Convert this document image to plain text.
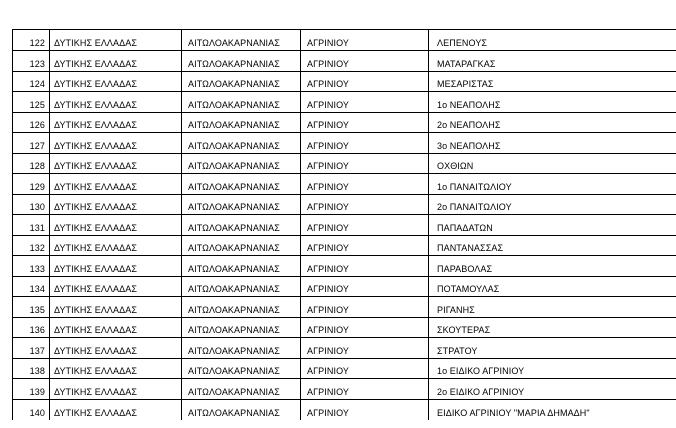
122	ΔΥΤΙΚΗΣ ΕΛΛΑΔΑΣ	ΑΙΤΩΛΟΑΚΑΡΝΑΝΙΑΣ	ΑΓΡΙΝΙΟΥ	ΛΕΠΕΝΟΥΣ
123	ΔΥΤΙΚΗΣ ΕΛΛΑΔΑΣ	ΑΙΤΩΛΟΑΚΑΡΝΑΝΙΑΣ	ΑΓΡΙΝΙΟΥ	ΜΑΤΑΡΑΓΚΑΣ
124	ΔΥΤΙΚΗΣ ΕΛΛΑΔΑΣ	ΑΙΤΩΛΟΑΚΑΡΝΑΝΙΑΣ	ΑΓΡΙΝΙΟΥ	ΜΕΣΑΡΙΣΤΑΣ
125	ΔΥΤΙΚΗΣ ΕΛΛΑΔΑΣ	ΑΙΤΩΛΟΑΚΑΡΝΑΝΙΑΣ	ΑΓΡΙΝΙΟΥ	1ο ΝΕΑΠΟΛΗΣ
126	ΔΥΤΙΚΗΣ ΕΛΛΑΔΑΣ	ΑΙΤΩΛΟΑΚΑΡΝΑΝΙΑΣ	ΑΓΡΙΝΙΟΥ	2ο ΝΕΑΠΟΛΗΣ
127	ΔΥΤΙΚΗΣ ΕΛΛΑΔΑΣ	ΑΙΤΩΛΟΑΚΑΡΝΑΝΙΑΣ	ΑΓΡΙΝΙΟΥ	3ο ΝΕΑΠΟΛΗΣ
128	ΔΥΤΙΚΗΣ ΕΛΛΑΔΑΣ	ΑΙΤΩΛΟΑΚΑΡΝΑΝΙΑΣ	ΑΓΡΙΝΙΟΥ	ΟΧΘΙΩΝ
129	ΔΥΤΙΚΗΣ ΕΛΛΑΔΑΣ	ΑΙΤΩΛΟΑΚΑΡΝΑΝΙΑΣ	ΑΓΡΙΝΙΟΥ	1ο ΠΑΝΑΙΤΩΛΙΟΥ
130	ΔΥΤΙΚΗΣ ΕΛΛΑΔΑΣ	ΑΙΤΩΛΟΑΚΑΡΝΑΝΙΑΣ	ΑΓΡΙΝΙΟΥ	2ο ΠΑΝΑΙΤΩΛΙΟΥ
131	ΔΥΤΙΚΗΣ ΕΛΛΑΔΑΣ	ΑΙΤΩΛΟΑΚΑΡΝΑΝΙΑΣ	ΑΓΡΙΝΙΟΥ	ΠΑΠΑΔΑΤΩΝ
132	ΔΥΤΙΚΗΣ ΕΛΛΑΔΑΣ	ΑΙΤΩΛΟΑΚΑΡΝΑΝΙΑΣ	ΑΓΡΙΝΙΟΥ	ΠΑΝΤΑΝΑΣΣΑΣ
133	ΔΥΤΙΚΗΣ ΕΛΛΑΔΑΣ	ΑΙΤΩΛΟΑΚΑΡΝΑΝΙΑΣ	ΑΓΡΙΝΙΟΥ	ΠΑΡΑΒΟΛΑΣ
134	ΔΥΤΙΚΗΣ ΕΛΛΑΔΑΣ	ΑΙΤΩΛΟΑΚΑΡΝΑΝΙΑΣ	ΑΓΡΙΝΙΟΥ	ΠΟΤΑΜΟΥΛΑΣ
135	ΔΥΤΙΚΗΣ ΕΛΛΑΔΑΣ	ΑΙΤΩΛΟΑΚΑΡΝΑΝΙΑΣ	ΑΓΡΙΝΙΟΥ	ΡΙΓΑΝΗΣ
136	ΔΥΤΙΚΗΣ ΕΛΛΑΔΑΣ	ΑΙΤΩΛΟΑΚΑΡΝΑΝΙΑΣ	ΑΓΡΙΝΙΟΥ	ΣΚΟΥΤΕΡΑΣ
137	ΔΥΤΙΚΗΣ ΕΛΛΑΔΑΣ	ΑΙΤΩΛΟΑΚΑΡΝΑΝΙΑΣ	ΑΓΡΙΝΙΟΥ	ΣΤΡΑΤΟΥ
138	ΔΥΤΙΚΗΣ ΕΛΛΑΔΑΣ	ΑΙΤΩΛΟΑΚΑΡΝΑΝΙΑΣ	ΑΓΡΙΝΙΟΥ	1ο ΕΙΔΙΚΟ ΑΓΡΙΝΙΟΥ
139	ΔΥΤΙΚΗΣ ΕΛΛΑΔΑΣ	ΑΙΤΩΛΟΑΚΑΡΝΑΝΙΑΣ	ΑΓΡΙΝΙΟΥ	2ο ΕΙΔΙΚΟ ΑΓΡΙΝΙΟΥ
140	ΔΥΤΙΚΗΣ ΕΛΛΑΔΑΣ	ΑΙΤΩΛΟΑΚΑΡΝΑΝΙΑΣ	ΑΓΡΙΝΙΟΥ	ΕΙΔΙΚΟ ΑΓΡΙΝΙΟΥ "ΜΑΡΙΑ ΔΗΜΑΔΗ"
